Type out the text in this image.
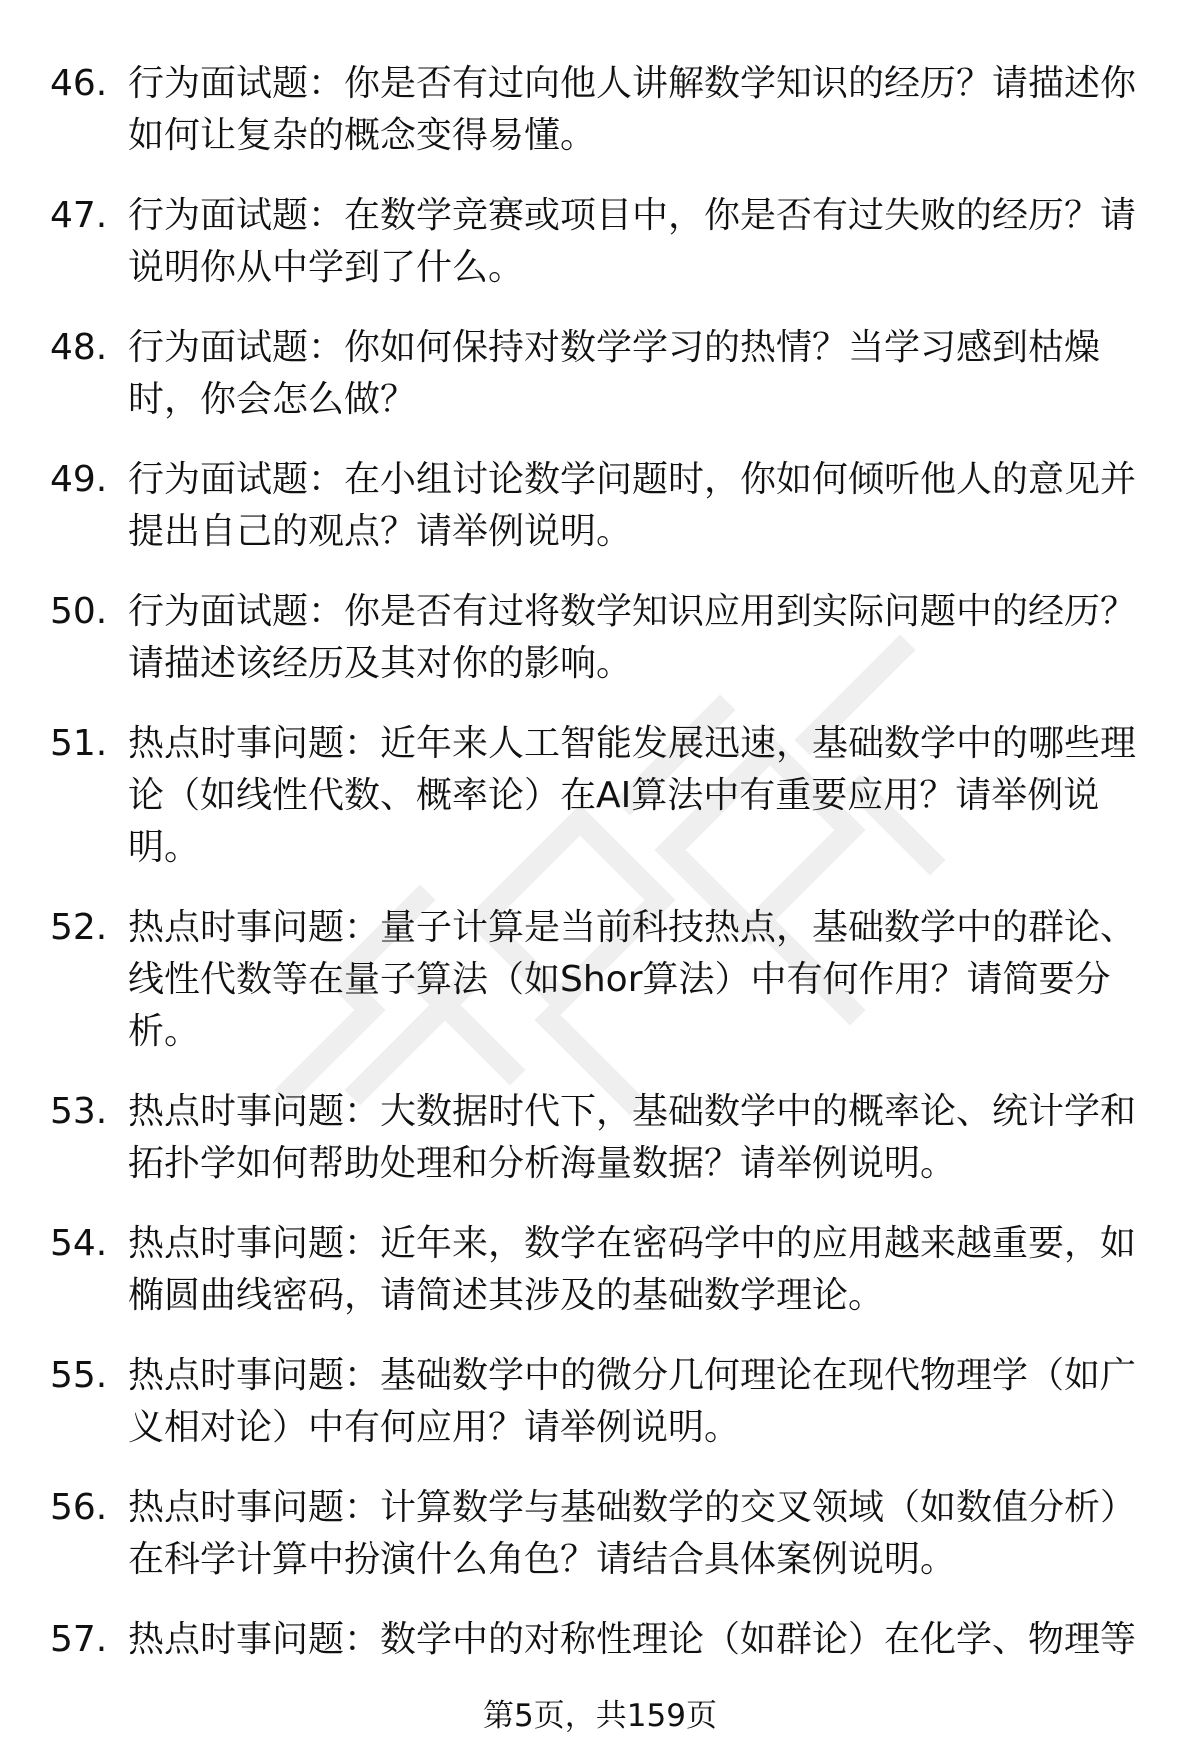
46. 行为面试题：你是否有过向他人讲解数学知识的经历？请描述你如何让复杂的概念变得易懂。
47. 行为面试题：在数学竞赛或项目中，你是否有过失败的经历？请说明你从中学到了什么。
48. 行为面试题：你如何保持对数学学习的热情？当学习感到枯燥时，你会怎么做？
49. 行为面试题：在小组讨论数学问题时，你如何倾听他人的意见并提出自己的观点？请举例说明。
50. 行为面试题：你是否有过将数学知识应用到实际问题中的经历？请描述该经历及其对你的影响。
51. 热点时事问题：近年来人工智能发展迅速，基础数学中的哪些理论（如线性代数、概率论）在AI算法中有重要应用？请举例说明。
52. 热点时事问题：量子计算是当前科技热点，基础数学中的群论、线性代数等在量子算法（如Shor算法）中有何作用？请简要分析。
53. 热点时事问题：大数据时代下，基础数学中的概率论、统计学和拓扑学如何帮助处理和分析海量数据？请举例说明。
54. 热点时事问题：近年来，数学在密码学中的应用越来越重要，如椭圆曲线密码，请简述其涉及的基础数学理论。
55. 热点时事问题：基础数学中的微分几何理论在现代物理学（如广义相对论）中有何应用？请举例说明。
56. 热点时事问题：计算数学与基础数学的交叉领域（如数值分析）在科学计算中扮演什么角色？请结合具体案例说明。
57. 热点时事问题：数学中的对称性理论（如群论）在化学、物理等
第5页，共159页
